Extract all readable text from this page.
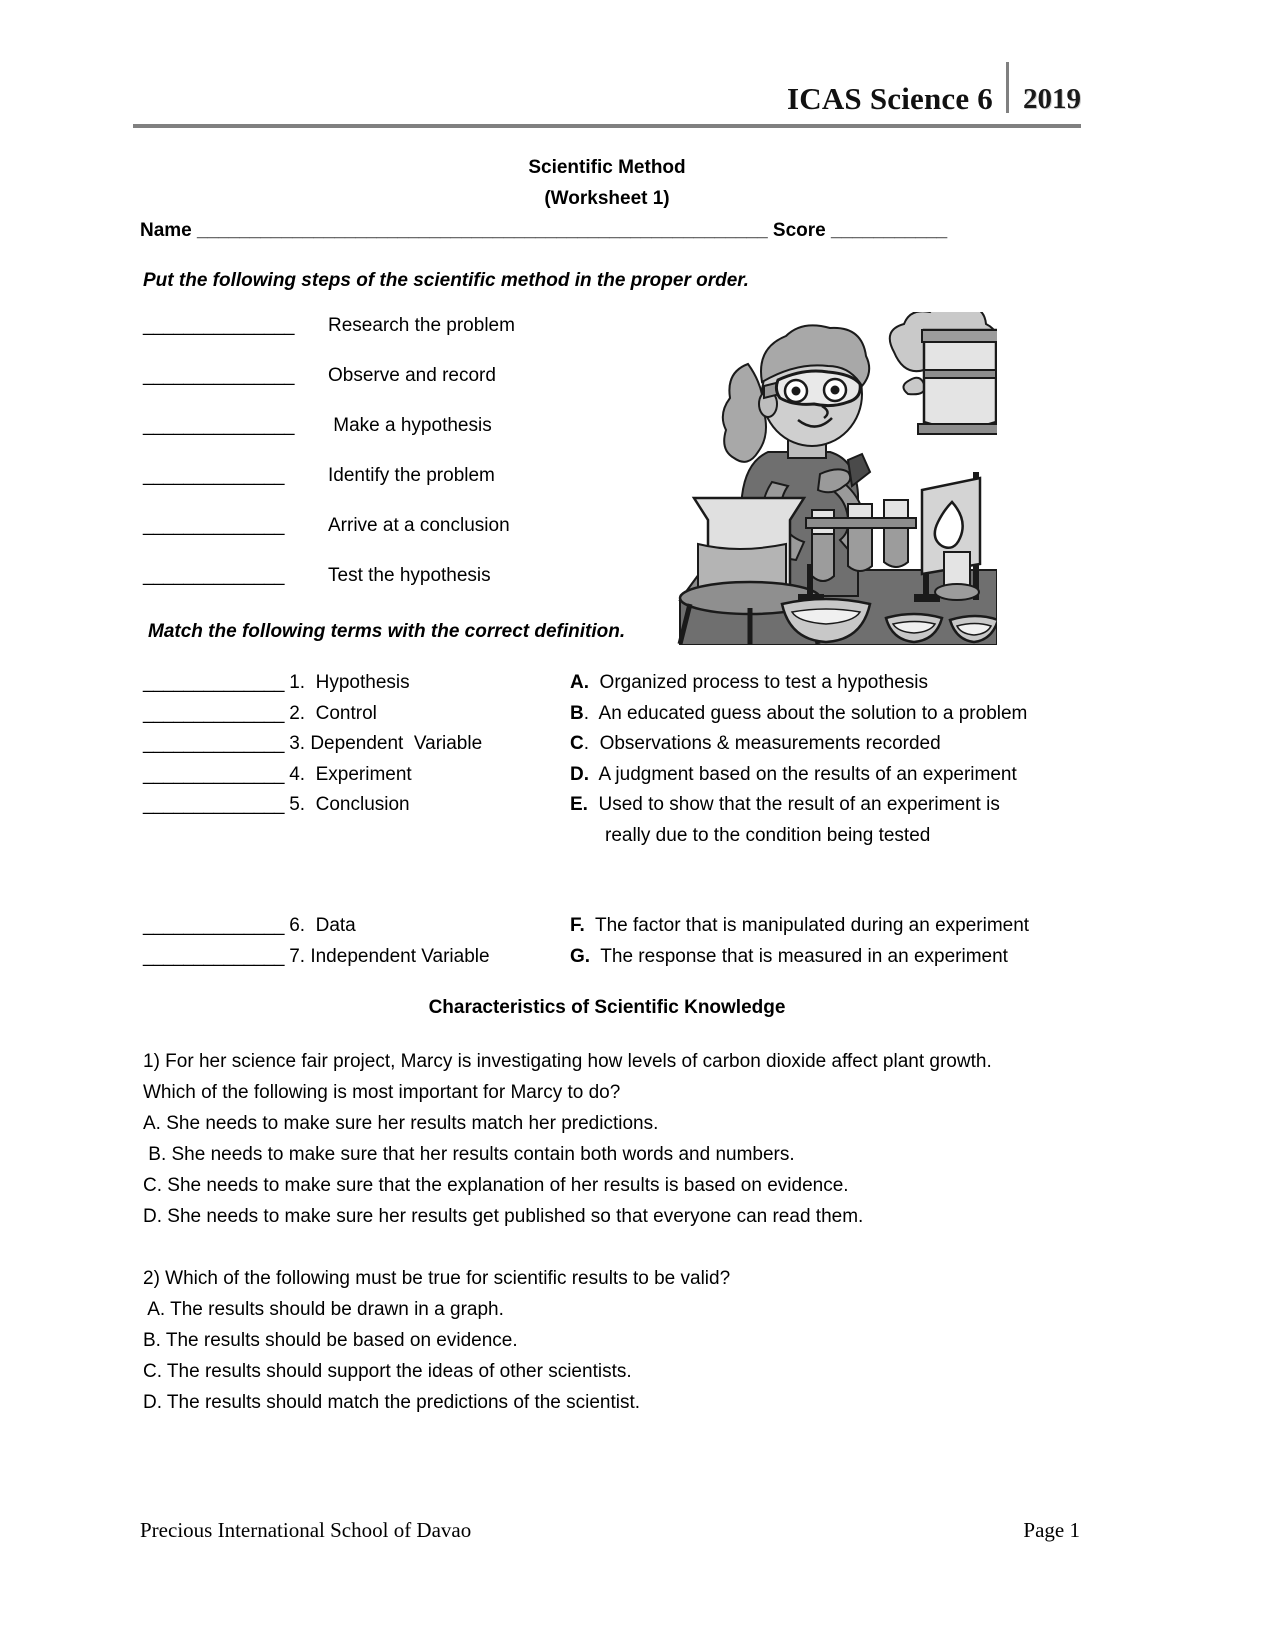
ICAS Science 6	2019
Scientific Method
(Worksheet 1)
Name ______________________________________________________ Score ___________
Put the following steps of the scientific method in the proper order.
_______________	Research the problem
_______________	Observe and record
_______________	Make a hypothesis
______________	Identify the problem
______________	Arrive at a conclusion
______________	Test the hypothesis
Match the following terms with the correct definition.
______________ 1.  Hypothesis	A.  Organized process to test a hypothesis
______________ 2.  Control	B.  An educated guess about the solution to a problem
______________ 3. Dependent  Variable	C.  Observations & measurements recorded
______________ 4.  Experiment	D.  A judgment based on the results of an experiment
______________ 5.  Conclusion	E.  Used to show that the result of an experiment is
really due to the condition being tested
______________ 6.  Data	F.  The factor that is manipulated during an experiment
______________ 7. Independent Variable	G.  The response that is measured in an experiment
Characteristics of Scientific Knowledge
1) For her science fair project, Marcy is investigating how levels of carbon dioxide affect plant growth.
Which of the following is most important for Marcy to do?
A. She needs to make sure her results match her predictions.
B. She needs to make sure that her results contain both words and numbers.
C. She needs to make sure that the explanation of her results is based on evidence.
D. She needs to make sure her results get published so that everyone can read them.
2) Which of the following must be true for scientific results to be valid?
A. The results should be drawn in a graph.
B. The results should be based on evidence.
C. The results should support the ideas of other scientists.
D. The results should match the predictions of the scientist.
Precious International School of Davao	Page 1
